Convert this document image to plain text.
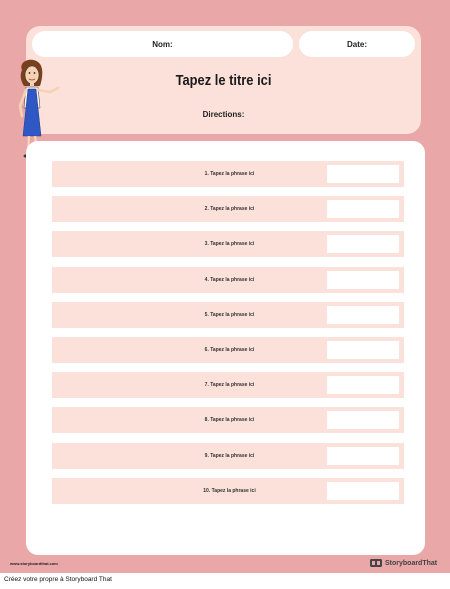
Nom:	Date:
Tapez le titre ici
Directions:
1. Tapez la phrase ici
2. Tapez la phrase ici
3. Tapez la phrase ici
4. Tapez la phrase ici
5. Tapez la phrase ici
6. Tapez la phrase ici
7. Tapez la phrase ici
8. Tapez la phrase ici
9. Tapez la phrase ici
10. Tapez la phrase ici
www.storyboardthat.com	StoryboardThat
Créez votre propre à Storyboard That
